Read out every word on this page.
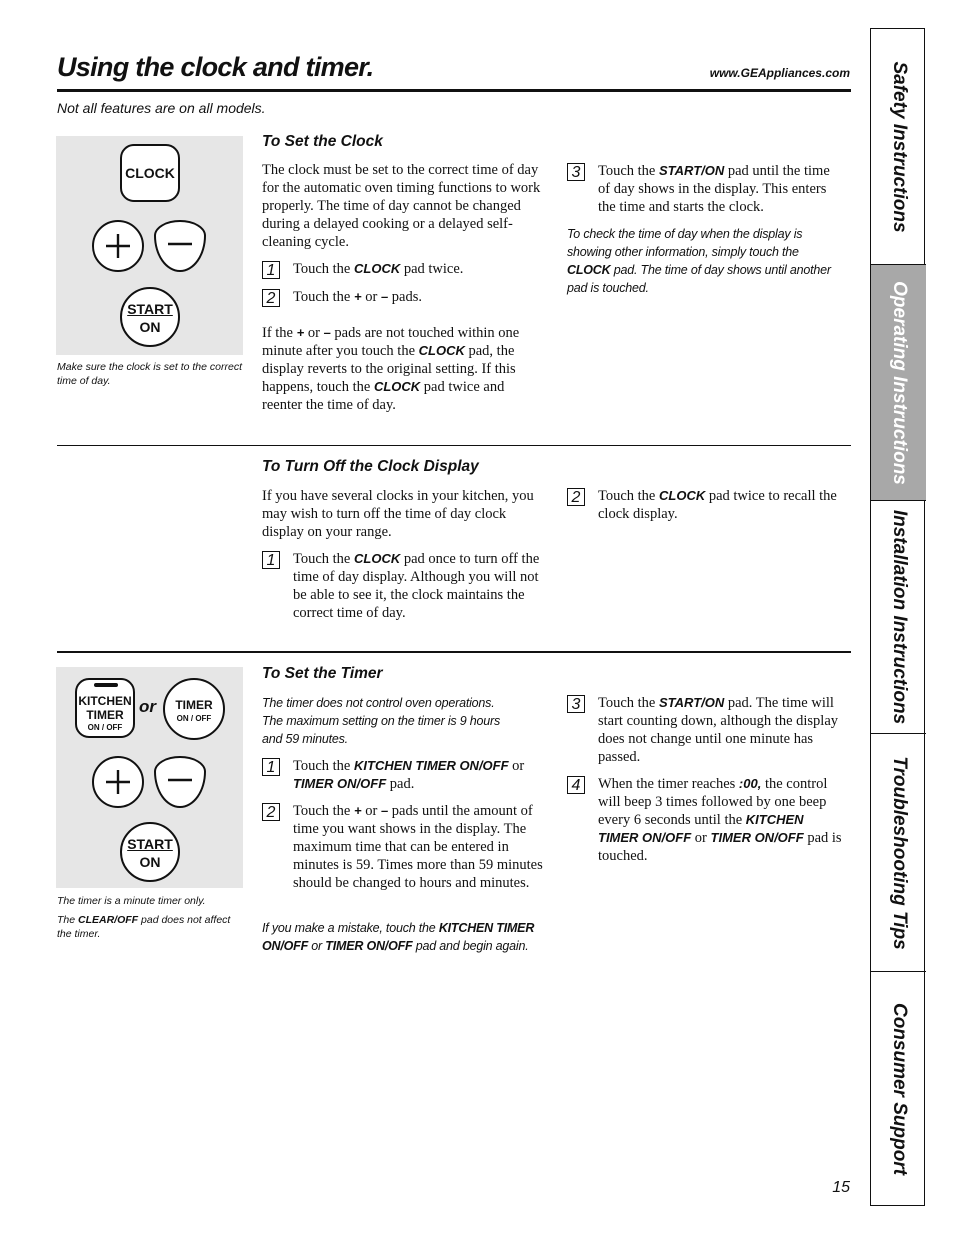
Using the clock and timer.	www.GEAppliances.com
Not all features are on all models.
CLOCK
START
ON
Make sure the clock is set to the correct time of day.
To Set the Clock
The clock must be set to the correct time of day for the automatic oven timing functions to work properly. The time of day cannot be changed during a delayed cooking or a delayed self-cleaning cycle.
1	Touch the CLOCK pad twice.
2	Touch the + or – pads.
If the + or – pads are not touched within one minute after you touch the CLOCK pad, the display reverts to the original setting. If this happens, touch the CLOCK pad twice and reenter the time of day.
3	Touch the START/ON pad until the time of day shows in the display. This enters the time and starts the clock.
To check the time of day when the display is showing other information, simply touch the CLOCK pad. The time of day shows until another pad is touched.
To Turn Off the Clock Display
If you have several clocks in your kitchen, you may wish to turn off the time of day clock display on your range.
1	Touch the CLOCK pad once to turn off the time of day display. Although you will not be able to see it, the clock maintains the correct time of day.
2	Touch the CLOCK pad twice to recall the clock display.
KITCHEN
TIMER
ON / OFF
or	TIMER
ON / OFF
START
ON
The timer is a minute timer only.
The CLEAR/OFF pad does not affect the timer.
To Set the Timer
The timer does not control oven operations. The maximum setting on the timer is 9 hours and 59 minutes.
1	Touch the KITCHEN TIMER ON/OFF or TIMER ON/OFF pad.
2	Touch the + or – pads until the amount of time you want shows in the display. The maximum time that can be entered in minutes is 59. Times more than 59 minutes should be changed to hours and minutes.
If you make a mistake, touch the KITCHEN TIMER ON/OFF or TIMER ON/OFF pad and begin again.
3	Touch the START/ON pad. The time will start counting down, although the display does not change until one minute has passed.
4	When the timer reaches :00, the control will beep 3 times followed by one beep every 6 seconds until the KITCHEN TIMER ON/OFF or TIMER ON/OFF pad is touched.
Safety Instructions
Operating Instructions
Installation Instructions
Troubleshooting Tips
Consumer Support
15
